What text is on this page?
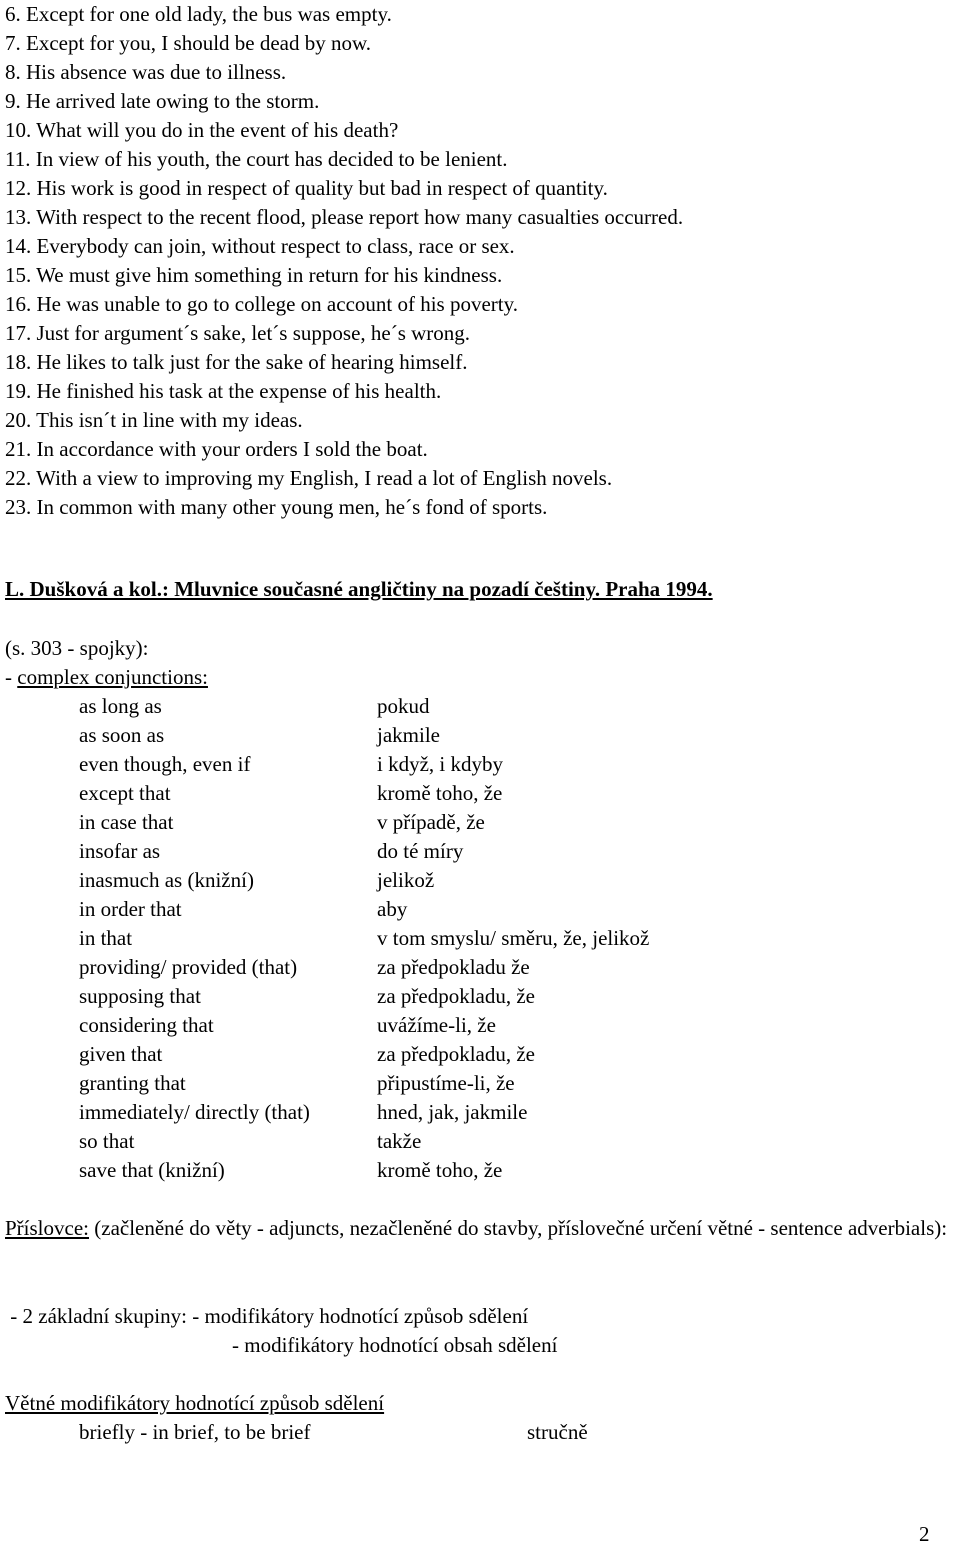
6. Except for one old lady, the bus was empty.
7. Except for you, I should be dead by now.
8. His absence was due to illness.
9. He arrived late owing to the storm.
10. What will you do in the event of his death?
11. In view of his youth, the court has decided to be lenient.
12. His work is good in respect of quality but bad in respect of quantity.
13. With respect to the recent flood, please report how many casualties occurred.
14. Everybody can join, without respect to class, race or sex.
15. We must give him something in return for his kindness.
16. He was unable to go to college on account of his poverty.
17. Just for argument´s sake, let´s suppose, he´s wrong.
18. He likes to talk just for the sake of hearing himself.
19. He finished his task at the expense of his health.
20. This isn´t in line with my ideas.
21. In accordance with your orders I sold the boat.
22. With a view to improving my English, I read a lot of English novels.
23. In common with many other young men, he´s fond of sports.
L. Dušková a kol.: Mluvnice současné angličtiny na pozadí češtiny. Praha 1994.
(s. 303 - spojky):
- complex conjunctions:
as long as	pokud
as soon as	jakmile
even though, even if	i když, i kdyby
except that	kromě toho, že
in case that	v případě, že
insofar as	do té míry
inasmuch as (knižní)	jelikož
in order that	aby
in that	v tom smyslu/ směru, že, jelikož
providing/ provided (that)	za předpokladu že
supposing that	za předpokladu, že
considering that	uvážíme-li, že
given that	za předpokladu, že
granting that	připustíme-li, že
immediately/ directly (that)	hned, jak, jakmile
so that	takže
save that (knižní)	kromě toho, že
Příslovce: (začleněné do věty - adjuncts, nezačleněné do stavby, příslovečné určení větné - sentence adverbials):
- 2 základní skupiny: - modifikátory hodnotící způsob sdělení
- modifikátory hodnotící obsah sdělení
Větné modifikátory hodnotící způsob sdělení
briefly - in brief, to be brief	stručně
2
